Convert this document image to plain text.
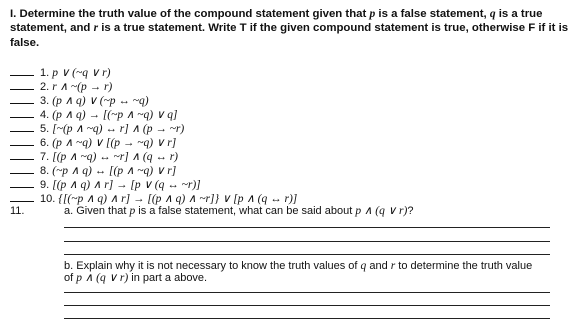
I. Determine the truth value of the compound statement given that p is a false statement, q is a true statement, and r is a true statement. Write T if the given compound statement is true, otherwise F if it is false.
1. p ∨ (~q ∨ r)
2. r ∧ ~(p → r)
3. (p ∧ q) ∨ (~p ↔ ~q)
4. (p ∧ q) → [(~p ∧ ~q) ∨ q]
5. [~(p ∧ ~q) ↔ r] ∧ (p → ~r)
6. (p ∧ ~q) ∨ [(p → ~q) ∨ r]
7. [(p ∧ ~q) ↔ ~r] ∧ (q ↔ r)
8. (~p ∧ q) ↔ [(p ∧ ~q) ∨ r]
9. [(p ∧ q) ∧ r] → [p ∨ (q ↔ ~r)]
10. {[(~p ∧ q) ∧ r] → [(p ∧ q) ∧ ~r]} ∨ [p ∧ (q ↔ r)]
11.	a. Given that p is a false statement, what can be said about p ∧ (q ∨ r)?
b. Explain why it is not necessary to know the truth values of q and r to determine the truth value
of p ∧ (q ∨ r) in part a above.
